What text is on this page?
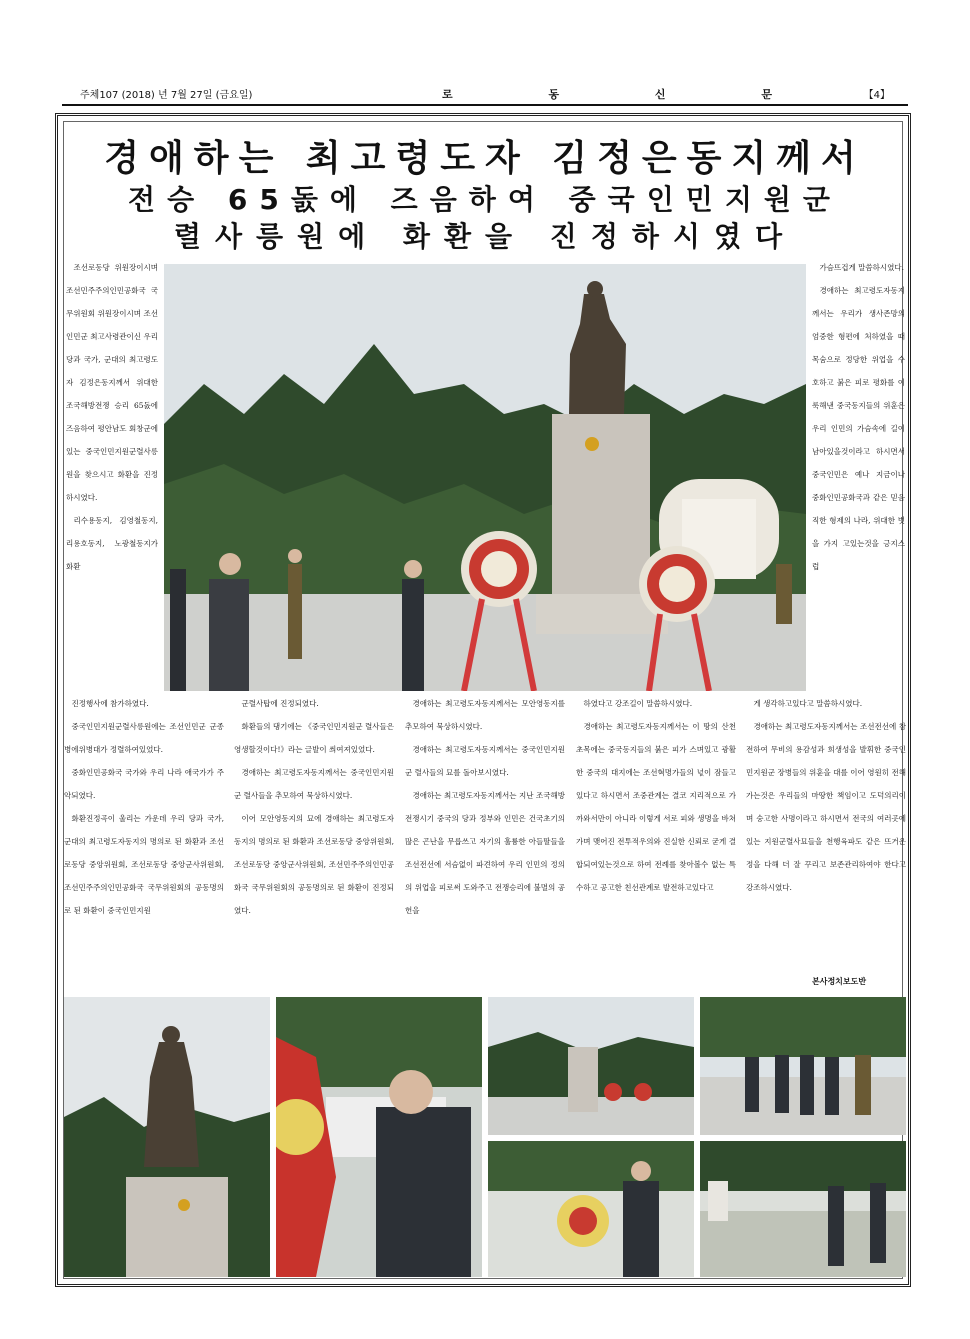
주체107 (2018) 년 7월 27일 (금요일)	로 동 신 문	【4】
경애하는 최고령도자 김정은동지께서
전승 65돐에 즈음하여 중국인민지원군
렬사릉원에 화환을 진정하시였다

조선로동당 위원장이시며 조선민주주의인민공화국 국무위원회 위원장이시며 조선인민군 최고사령관이신 우리 당과 국가, 군대의 최고령도자 김정은동지께서 위대한 조국해방전쟁 승리 65돐에 즈음하여 평안남도 회창군에 있는 중국인민지원군렬사릉원을 찾으시고 화환을 진정하시였다.

리수용동지, 김영철동지, 리용호동지, 노광철동지가 화환

가슴뜨겁게 말씀하시였다.

경애하는 최고령도자동지께서는 우리가 생사존망의 엄중한 형편에 처하였을 때 목숨으로 정당한 위업을 수호하고 붉은 피로 평화를 이룩해낸 중국동지들의 위훈은 우리 인민의 가슴속에 길이 남아있을것이라고 하시면서 중국인민은 예나 지금이나 중화인민공화국과 같은 믿음직한 형제의 나라, 위대한 벗을 가지 고있는것을 긍지스럽

진정행사에 참가하였다.

중국인민지원군렬사릉원에는 조선인민군 군종병에위병대가 정렬하여있었다.

중화인민공화국 국가와 우리 나라 애국가가 주악되였다.

화환진정곡이 울리는 가운데 우리 당과 국가, 군대의 최고령도자동지의 명의로 된 화환과 조선로동당 중앙위원회, 조선로동당 중앙군사위원회, 조선민주주의인민공화국 국무위원회의 공동명의로 된 화환이 중국인민지원

군렬사탑에 진정되였다.

화환들의 댕기에는 《중국인민지원군 렬사들은 영생할것이다!》라는 글발이 씌여져있었다.

경애하는 최고령도자동지께서는 중국인민지원군 렬사들을 추모하여 묵상하시였다.

이어 모안영동지의 묘에 경애하는 최고령도자동지의 명의로 된 화환과 조선로동당 중앙위원회, 조선로동당 중앙군사위원회, 조선민주주의인민공화국 국무위원회의 공동명의로 된 화환이 진정되였다.

경애하는 최고령도자동지께서는 모안영동지를 추모하여 묵상하시였다.

경애하는 최고령도자동지께서는 중국인민지원군 렬사들의 묘를 돌아보시였다.

경애하는 최고령도자동지께서는 지난 조국해방전쟁시기 중국의 당과 정부와 인민은 건국초기의 많은 곤난을 무릅쓰고 자기의 훌륭한 아들딸들을 조선전선에 서슴없이 파견하여 우리 인민의 정의의 위업을 피로써 도와주고 전쟁승리에 불멸의 공헌을

하였다고 강조길이 말씀하시였다.

경애하는 최고령도자동지께서는 이 땅의 산천초목에는 중국동지들의 붉은 피가 스며있고 광활한 중국의 대지에는 조선혁명가들의 넋이 잠들고있다고 하시면서 조중관계는 결코 지리적으로 가까와서만이 아니라 이렇게 서로 피와 생명을 바쳐가며 맺어진 전투적우의와 진실한 신뢰로 굳게 결합되여있는것으로 하여 전례를 찾아볼수 없는 특수하고 공고한 친선관계로 발전하고있다고

게 생각하고있다고 말씀하시였다.

경애하는 최고령도자동지께서는 조선전선에 참전하여 무비의 용감성과 희생성을 발휘한 중국인민지원군 장병들의 위훈을 대를 이어 영원히 전해가는것은 우리들의 마땅한 책임이고 도덕의리이며 숭고한 사명이라고 하시면서 전국의 여러곳에 있는 지원군렬사묘들을 천행육파도 같은 뜨거운 정을 다해 더 잘 꾸리고 보존관리하여야 한다고 강조하시였다.

본사정치보도반
